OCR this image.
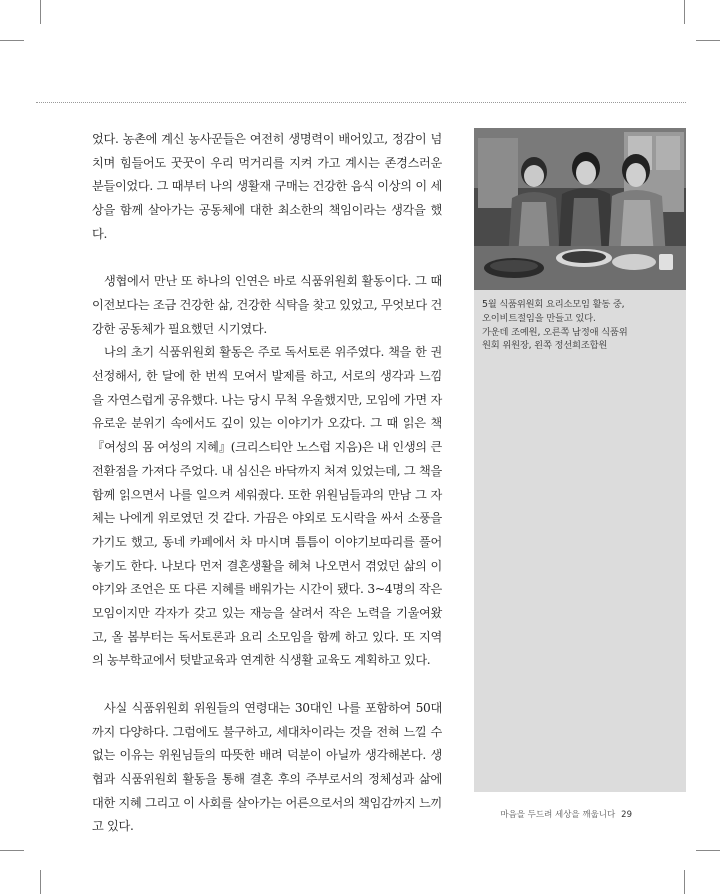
었다. 농촌에 계신 농사꾼들은 여전히 생명력이 배어있고, 정감이 넘치며 힘들어도 꿋꿋이 우리 먹거리를 지켜 가고 계시는 존경스러운 분들이었다. 그 때부터 나의 생활재 구매는 건강한 음식 이상의 이 세상을 함께 살아가는 공동체에 대한 최소한의 책임이라는 생각을 했다.

생협에서 만난 또 하나의 인연은 바로 식품위원회 활동이다. 그 때 이전보다는 조금 건강한 삶, 건강한 식탁을 찾고 있었고, 무엇보다 건강한 공동체가 필요했던 시기였다.

나의 초기 식품위원회 활동은 주로 독서토론 위주였다. 책을 한 권 선정해서, 한 달에 한 번씩 모여서 발제를 하고, 서로의 생각과 느낌을 자연스럽게 공유했다. 나는 당시 무척 우울했지만, 모임에 가면 자유로운 분위기 속에서도 깊이 있는 이야기가 오갔다. 그 때 읽은 책 『여성의 몸 여성의 지혜』(크리스티안 노스럽 지음)은 내 인생의 큰 전환점을 가져다 주었다. 내 심신은 바닥까지 처져 있었는데, 그 책을 함께 읽으면서 나를 일으켜 세워줬다. 또한 위원님들과의 만남 그 자체는 나에게 위로였던 것 같다. 가끔은 야외로 도시락을 싸서 소풍을 가기도 했고, 동네 카페에서 차 마시며 틈틈이 이야기보따리를 풀어놓기도 한다. 나보다 먼저 결혼생활을 헤쳐 나오면서 겪었던 삶의 이야기와 조언은 또 다른 지혜를 배워가는 시간이 됐다. 3~4명의 작은 모임이지만 각자가 갖고 있는 재능을 살려서 작은 노력을 기울여왔고, 올 봄부터는 독서토론과 요리 소모임을 함께 하고 있다. 또 지역의 농부학교에서 텃밭교육과 연계한 식생활 교육도 계획하고 있다.

사실 식품위원회 위원들의 연령대는 30대인 나를 포함하여 50대까지 다양하다. 그럼에도 불구하고, 세대차이라는 것을 전혀 느낄 수 없는 이유는 위원님들의 따뜻한 배려 덕분이 아닐까 생각해본다. 생협과 식품위원회 활동을 통해 결혼 후의 주부로서의 정체성과 삶에 대한 지혜 그리고 이 사회를 살아가는 어른으로서의 책임감까지 느끼고 있다.

5월 식품위원회 요리소모임 활동 중,
오이비트절임을 만들고 있다.
가운데 조예원, 오른쪽 남정애 식품위
원회 위원장, 왼쪽 정선희조합원
마음을 두드려 세상을 깨웁니다 29
